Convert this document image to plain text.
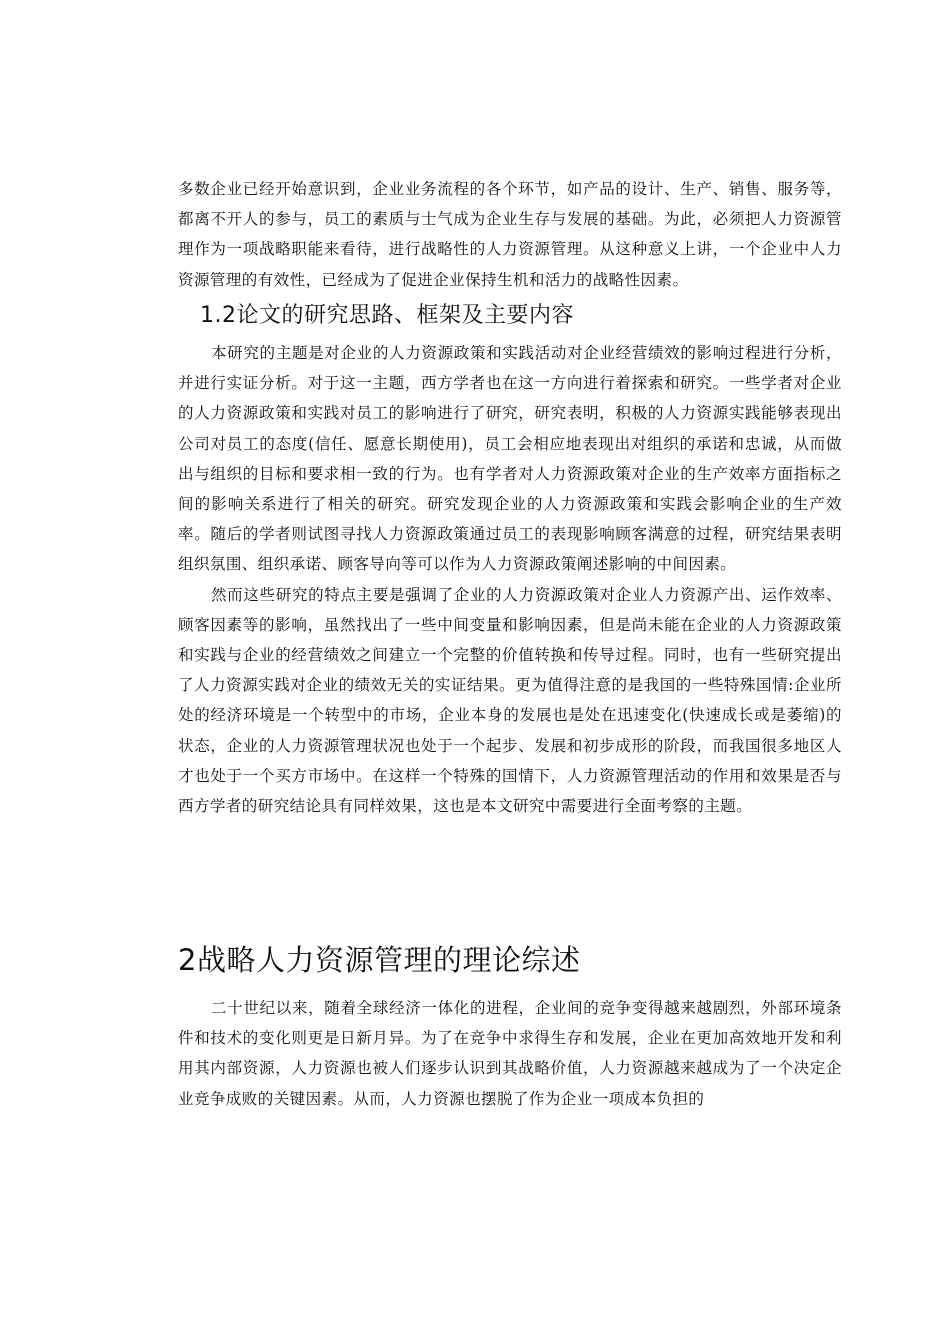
多数企业已经开始意识到，企业业务流程的各个环节，如产品的设计、生产、销售、服务等，都离不开人的参与，员工的素质与士气成为企业生存与发展的基础。为此，必须把人力资源管理作为一项战略职能来看待，进行战略性的人力资源管理。从这种意义上讲，一个企业中人力资源管理的有效性，已经成为了促进企业保持生机和活力的战略性因素。

1.2论文的研究思路、框架及主要内容

本研究的主题是对企业的人力资源政策和实践活动对企业经营绩效的影响过程进行分析，并进行实证分析。对于这一主题，西方学者也在这一方向进行着探索和研究。一些学者对企业的人力资源政策和实践对员工的影响进行了研究，研究表明，积极的人力资源实践能够表现出公司对员工的态度(信任、愿意长期使用)，员工会相应地表现出对组织的承诺和忠诚，从而做出与组织的目标和要求相一致的行为。也有学者对人力资源政策对企业的生产效率方面指标之间的影响关系进行了相关的研究。研究发现企业的人力资源政策和实践会影响企业的生产效率。随后的学者则试图寻找人力资源政策通过员工的表现影响顾客满意的过程，研究结果表明组织氛围、组织承诺、顾客导向等可以作为人力资源政策阐述影响的中间因素。

然而这些研究的特点主要是强调了企业的人力资源政策对企业人力资源产出、运作效率、顾客因素等的影响，虽然找出了一些中间变量和影响因素，但是尚未能在企业的人力资源政策和实践与企业的经营绩效之间建立一个完整的价值转换和传导过程。同时，也有一些研究提出了人力资源实践对企业的绩效无关的实证结果。更为值得注意的是我国的一些特殊国情:企业所处的经济环境是一个转型中的市场，企业本身的发展也是处在迅速变化(快速成长或是萎缩)的状态，企业的人力资源管理状况也处于一个起步、发展和初步成形的阶段，而我国很多地区人才也处于一个买方市场中。在这样一个特殊的国情下，人力资源管理活动的作用和效果是否与西方学者的研究结论具有同样效果，这也是本文研究中需要进行全面考察的主题。

2战略人力资源管理的理论综述

二十世纪以来，随着全球经济一体化的进程，企业间的竞争变得越来越剧烈，外部环境条件和技术的变化则更是日新月异。为了在竞争中求得生存和发展，企业在更加高效地开发和利用其内部资源，人力资源也被人们逐步认识到其战略价值，人力资源越来越成为了一个决定企业竞争成败的关键因素。从而，人力资源也摆脱了作为企业一项成本负担的
